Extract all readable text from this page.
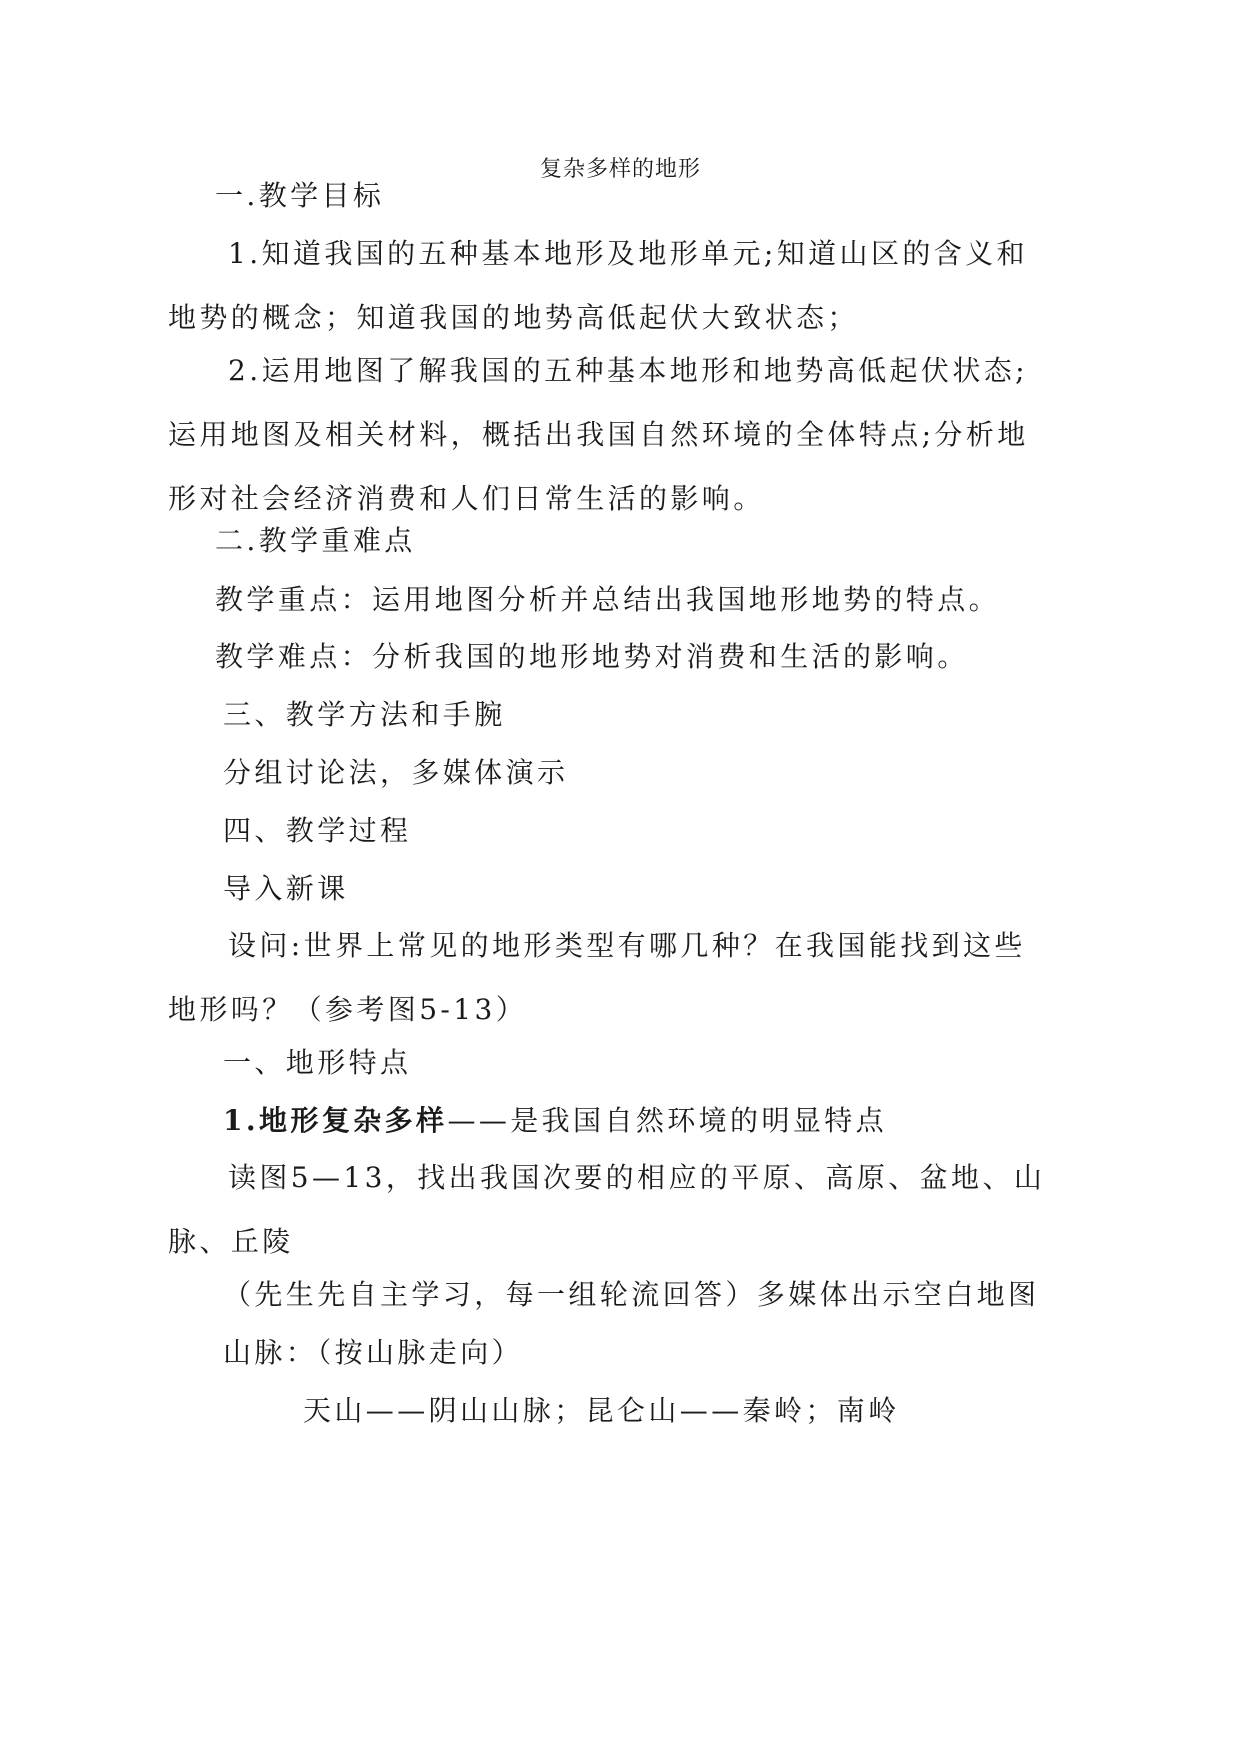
复杂多样的地形
一.教学目标
1.知道我国的五种基本地形及地形单元;知道山区的含义和地势的概念；知道我国的地势高低起伏大致状态；
2.运用地图了解我国的五种基本地形和地势高低起伏状态;运用地图及相关材料，概括出我国自然环境的全体特点;分析地形对社会经济消费和人们日常生活的影响。
二.教学重难点
教学重点：运用地图分析并总结出我国地形地势的特点。
教学难点：分析我国的地形地势对消费和生活的影响。
三、教学方法和手腕
分组讨论法，多媒体演示
四、教学过程
导入新课
设问:世界上常见的地形类型有哪几种？在我国能找到这些地形吗？（参考图5-13）
一、地形特点
1.地形复杂多样——是我国自然环境的明显特点
读图5—13，找出我国次要的相应的平原、高原、盆地、山脉、丘陵
（先生先自主学习，每一组轮流回答）多媒体出示空白地图
山脉：（按山脉走向）
天山——阴山山脉；昆仑山——秦岭；南岭
